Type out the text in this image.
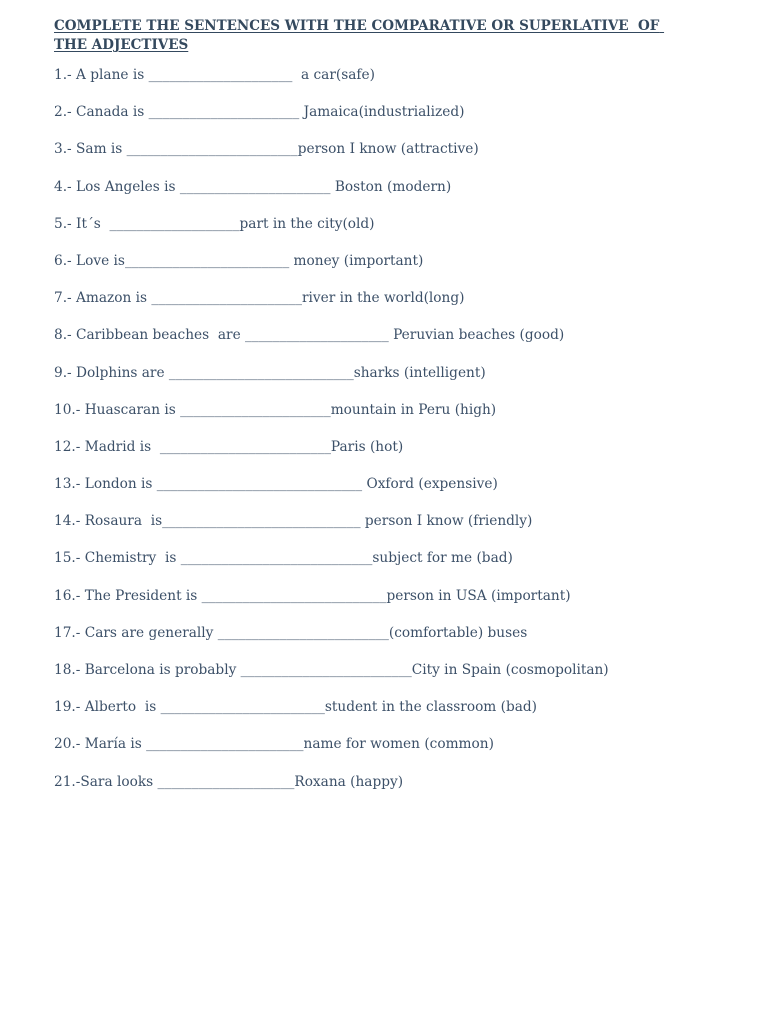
COMPLETE THE SENTENCES WITH THE COMPARATIVE OR SUPERLATIVE  OF THE ADJECTIVES
1.- A plane is _____________________  a car(safe)
2.- Canada is ______________________ Jamaica(industrialized)
3.- Sam is _________________________person I know (attractive)
4.- Los Angeles is ______________________ Boston (modern)
5.- It´s  ___________________part in the city(old)
6.- Love is________________________ money (important)
7.- Amazon is ______________________river in the world(long)
8.- Caribbean beaches  are _____________________ Peruvian beaches (good)
9.- Dolphins are ___________________________sharks (intelligent)
10.- Huascaran is ______________________mountain in Peru (high)
12.- Madrid is  _________________________Paris (hot)
13.- London is ______________________________ Oxford (expensive)
14.- Rosaura  is_____________________________ person I know (friendly)
15.- Chemistry  is ____________________________subject for me (bad)
16.- The President is ___________________________person in USA (important)
17.- Cars are generally _________________________(comfortable) buses
18.- Barcelona is probably _________________________City in Spain (cosmopolitan)
19.- Alberto  is ________________________student in the classroom (bad)
20.- María is _______________________name for women (common)
21.-Sara looks ____________________Roxana (happy)
